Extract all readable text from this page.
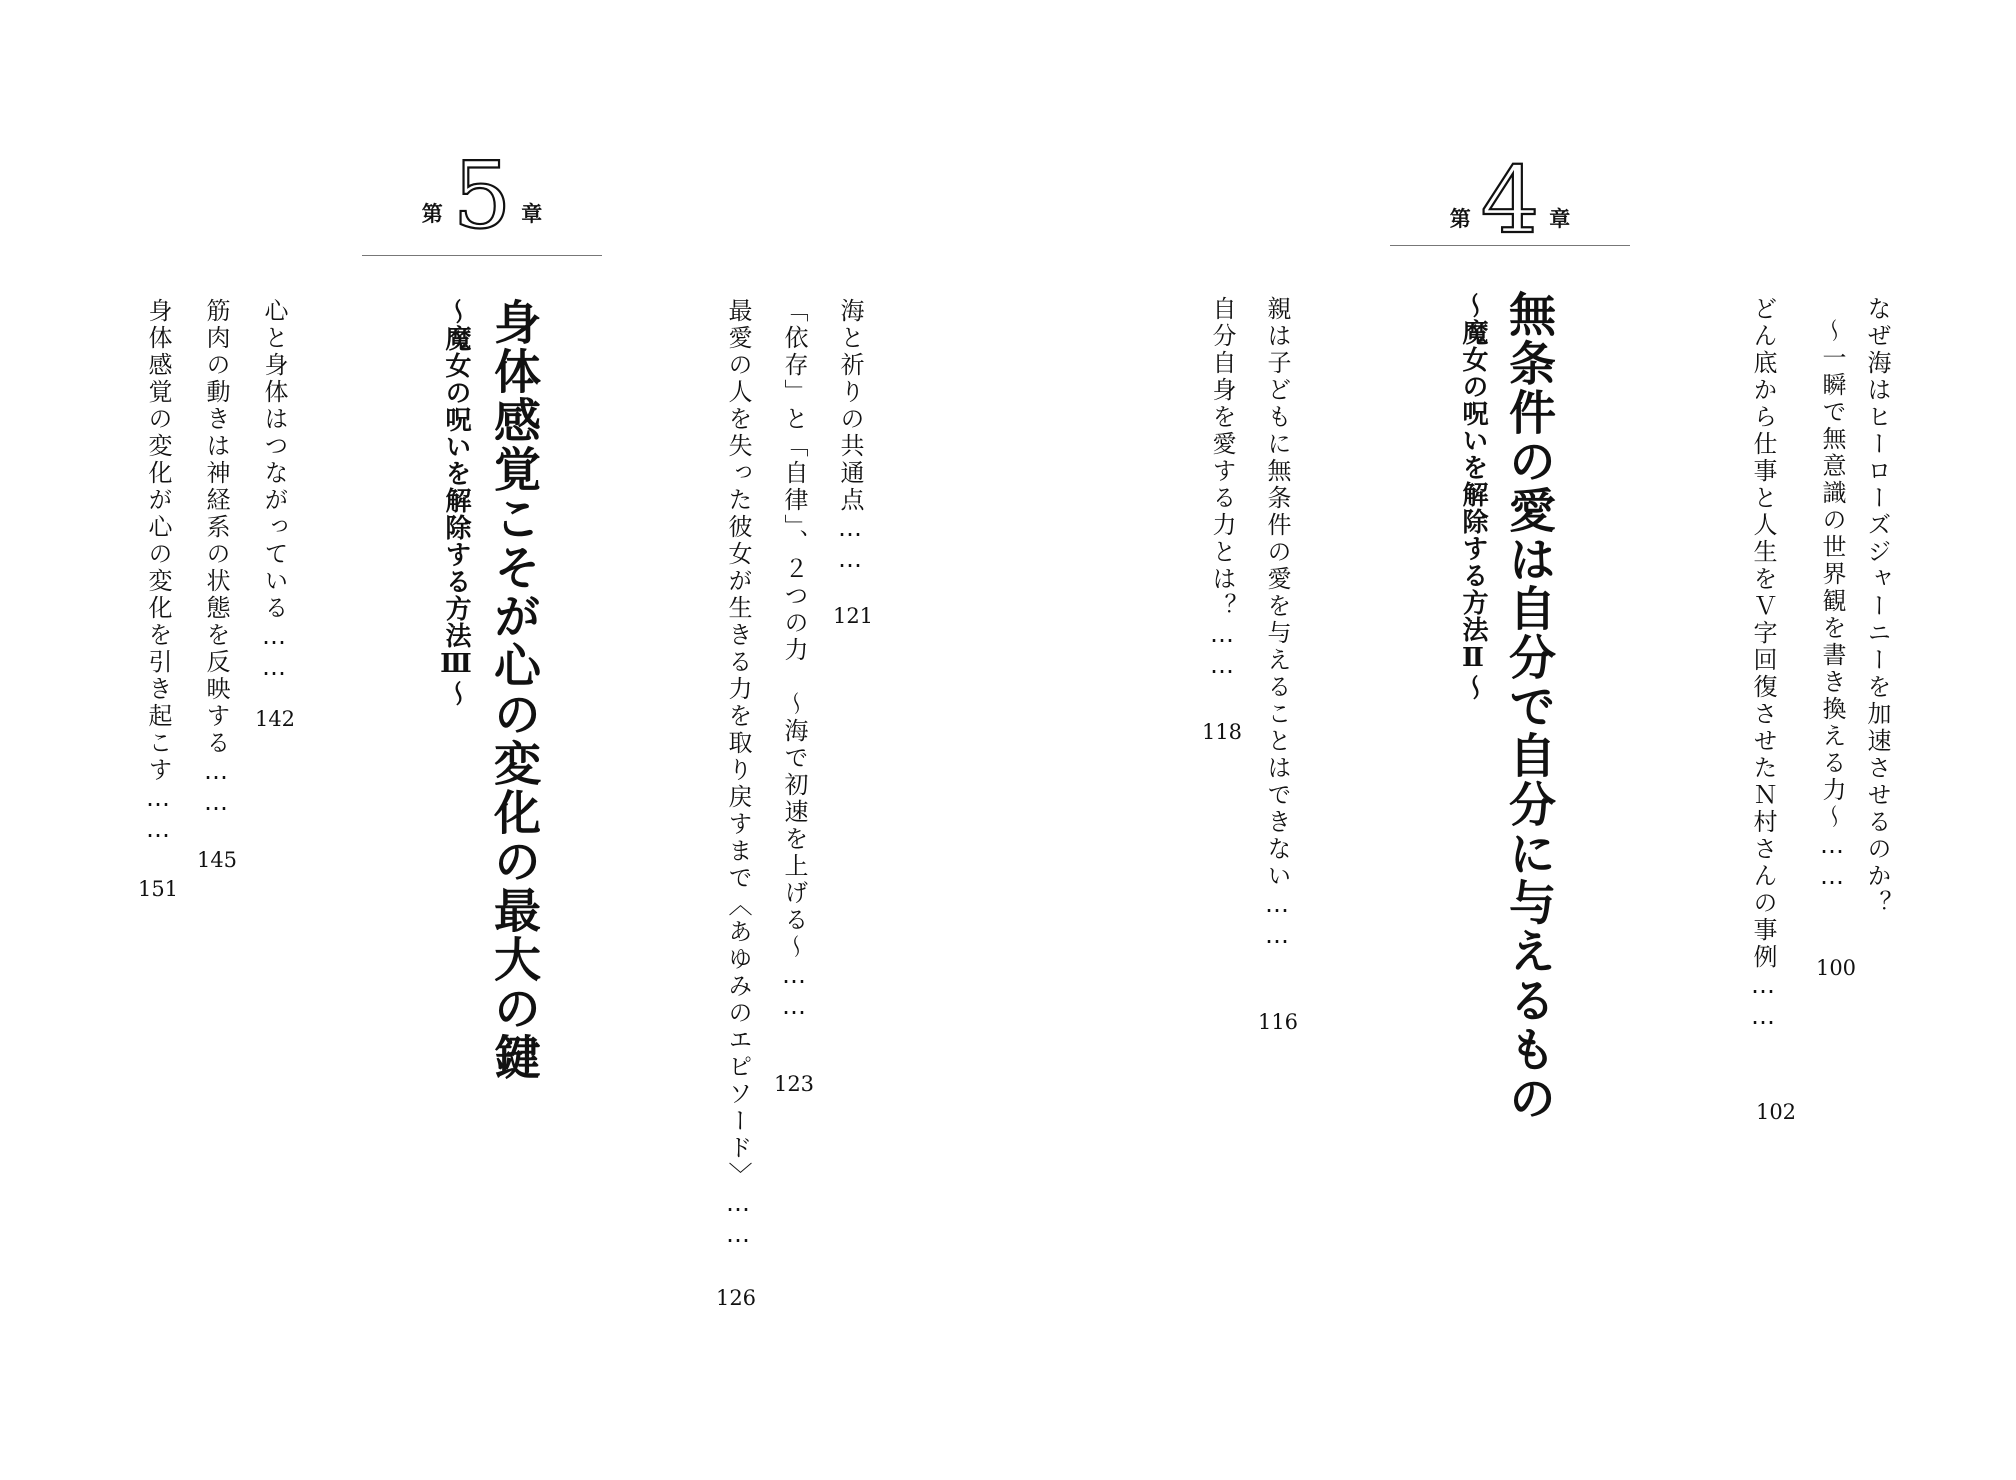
第 4 章
無条件の愛は自分で自分に与えるもの
〜魔女の呪いを解除する方法Ⅱ〜	なぜ海はヒーローズジャーニーを加速させるのか？
〜一瞬で無意識の世界観を書き換える力〜……
100
どん底から仕事と人生をＶ字回復させたＮ村さんの事例……
102
親は子どもに無条件の愛を与えることはできない……
116
自分自身を愛する力とは？……
118
第 5 章
身体感覚こそが心の変化の最大の鍵
〜魔女の呪いを解除する方法Ⅲ〜	海と祈りの共通点……
121
「依存」と「自律」、２つの力　〜海で初速を上げる〜……
123
最愛の人を失った彼女が生きる力を取り戻すまで〈あゆみのエピソード〉……
126
心と身体はつながっている……
142
筋肉の動きは神経系の状態を反映する……
145
身体感覚の変化が心の変化を引き起こす……
151
